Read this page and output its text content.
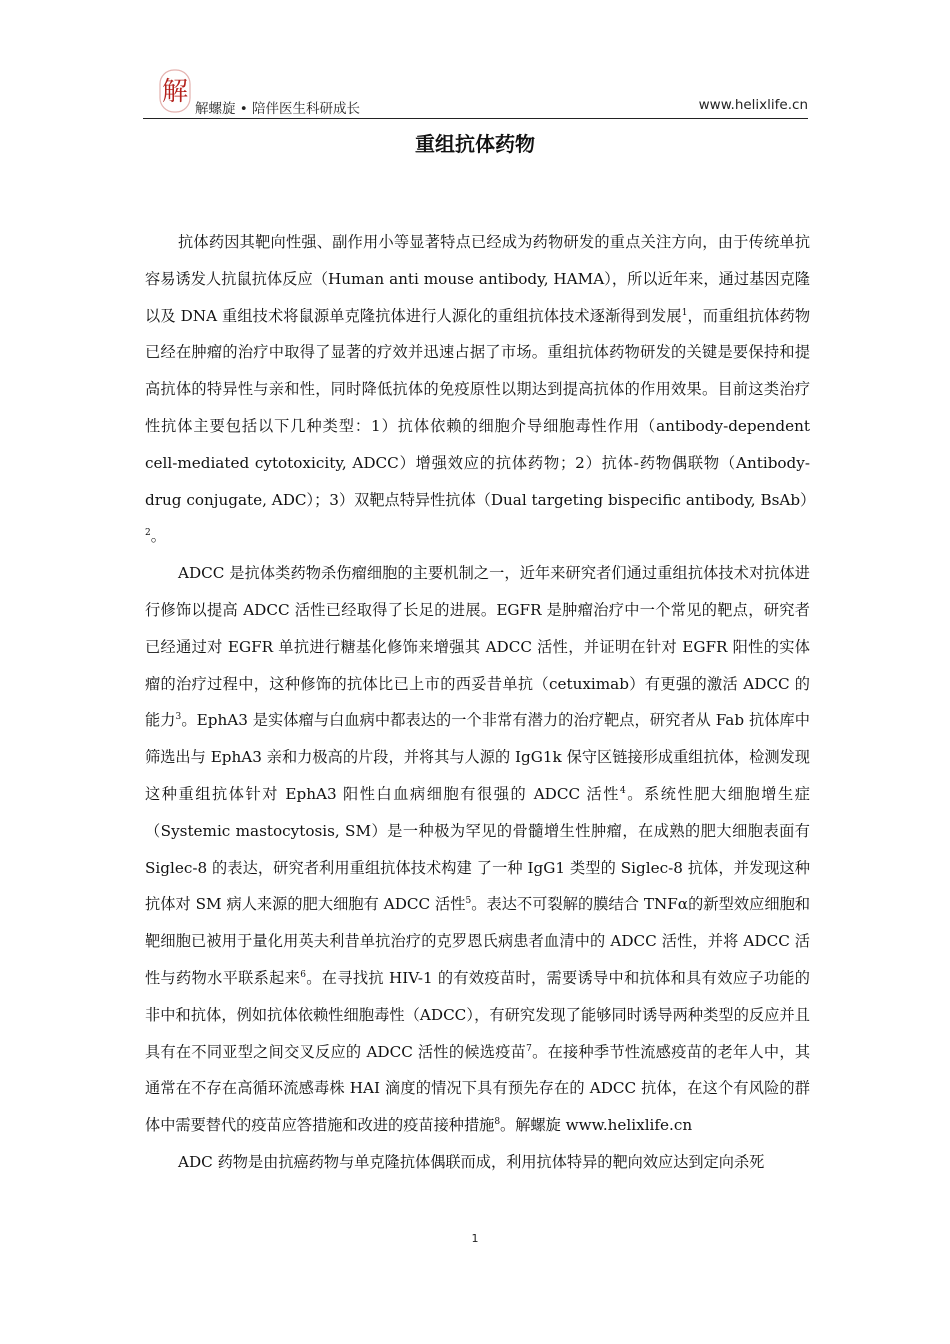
解
解螺旋 • 陪伴医生科研成长	www.helixlife.cn
重组抗体药物

抗体药因其靶向性强、副作用小等显著特点已经成为药物研发的重点关注方向，由于传统单抗容易诱发人抗鼠抗体反应（Human anti mouse antibody, HAMA），所以近年来，通过基因克隆以及 DNA 重组技术将鼠源单克隆抗体进行人源化的重组抗体技术逐渐得到发展$^1$，而重组抗体药物已经在肿瘤的治疗中取得了显著的疗效并迅速占据了市场。重组抗体药物研发的关键是要保持和提高抗体的特异性与亲和性，同时降低抗体的免疫原性以期达到提高抗体的作用效果。目前这类治疗性抗体主要包括以下几种类型：1）抗体依赖的细胞介导细胞毒性作用（antibody-dependent cell-mediated cytotoxicity, ADCC）增强效应的抗体药物；2）抗体-药物偶联物（Antibody-drug conjugate, ADC）；3）双靶点特异性抗体（Dual targeting bispecific antibody, BsAb）$^2$。

ADCC 是抗体类药物杀伤瘤细胞的主要机制之一，近年来研究者们通过重组抗体技术对抗体进行修饰以提高 ADCC 活性已经取得了长足的进展。EGFR 是肿瘤治疗中一个常见的靶点，研究者已经通过对 EGFR 单抗进行糖基化修饰来增强其 ADCC 活性，并证明在针对 EGFR 阳性的实体瘤的治疗过程中，这种修饰的抗体比已上市的西妥昔单抗（cetuximab）有更强的激活 ADCC 的能力$^3$。EphA3 是实体瘤与白血病中都表达的一个非常有潜力的治疗靶点，研究者从 Fab 抗体库中筛选出与 EphA3 亲和力极高的片段，并将其与人源的 IgG1k 保守区链接形成重组抗体，检测发现这种重组抗体针对 EphA3 阳性白血病细胞有很强的 ADCC 活性$^4$。系统性肥大细胞增生症（Systemic mastocytosis, SM）是一种极为罕见的骨髓增生性肿瘤，在成熟的肥大细胞表面有 Siglec-8 的表达，研究者利用重组抗体技术构建 了一种 IgG1 类型的 Siglec-8 抗体，并发现这种抗体对 SM 病人来源的肥大细胞有 ADCC 活性$^5$。表达不可裂解的膜结合 TNFα的新型效应细胞和靶细胞已被用于量化用英夫利昔单抗治疗的克罗恩氏病患者血清中的 ADCC 活性，并将 ADCC 活性与药物水平联系起来$^6$。在寻找抗 HIV-1 的有效疫苗时，需要诱导中和抗体和具有效应子功能的非中和抗体，例如抗体依赖性细胞毒性（ADCC），有研究发现了能够同时诱导两种类型的反应并且具有在不同亚型之间交叉反应的 ADCC 活性的候选疫苗$^7$。在接种季节性流感疫苗的老年人中，其通常在不存在高循环流感毒株 HAI 滴度的情况下具有预先存在的 ADCC 抗体，在这个有风险的群体中需要替代的疫苗应答措施和改进的疫苗接种措施$^8$。解螺旋 www.helixlife.cn

ADC 药物是由抗癌药物与单克隆抗体偶联而成，利用抗体特异的靶向效应达到定向杀死

1
